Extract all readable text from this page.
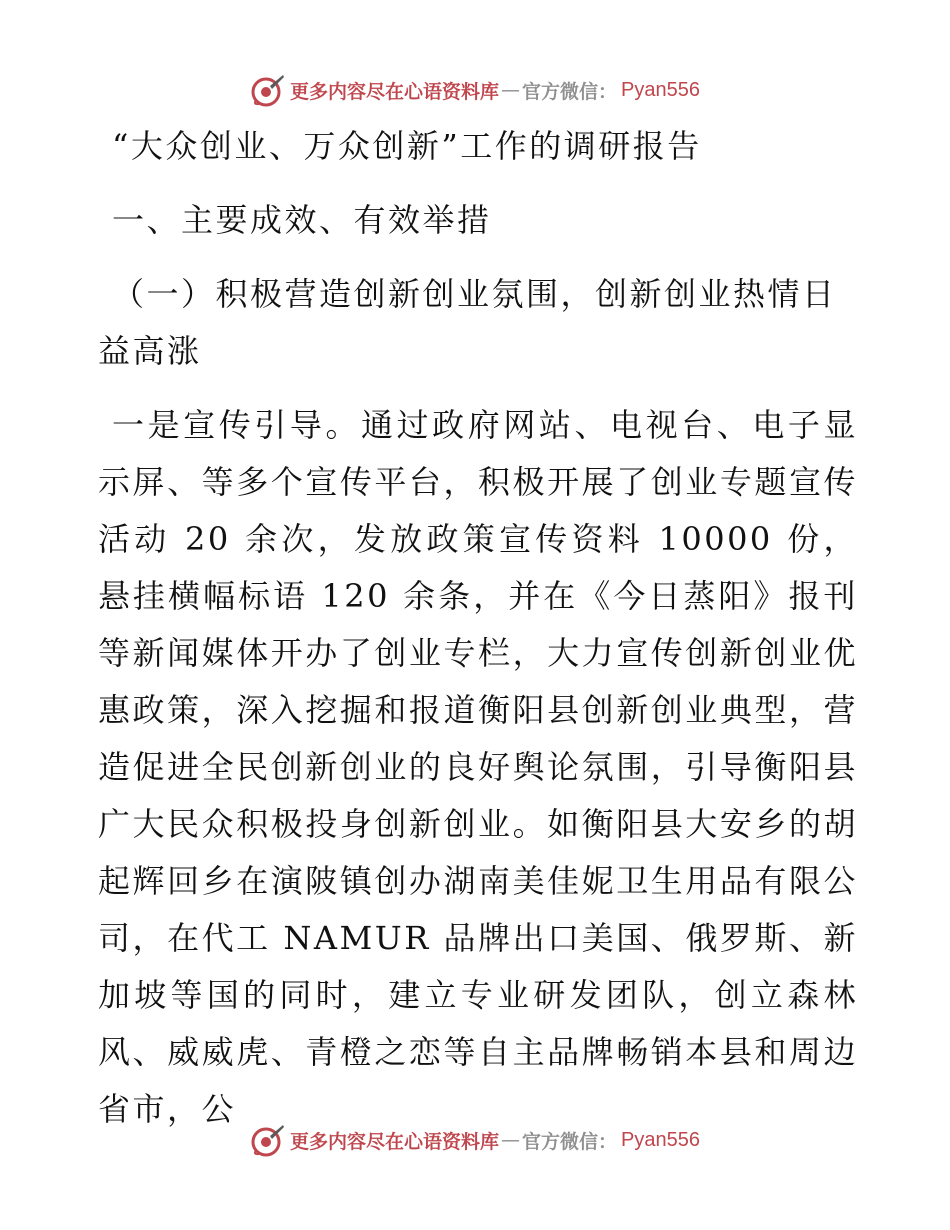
更多内容尽在心语资料库 — 官方微信： Pyan556

“大众创业、万众创新”工作的调研报告

一、主要成效、有效举措

（一）积极营造创新创业氛围，创新创业热情日益高涨

一是宣传引导。通过政府网站、电视台、电子显示屏、等多个宣传平台，积极开展了创业专题宣传活动 20 余次，发放政策宣传资料 10000 份，悬挂横幅标语 120 余条，并在《今日蒸阳》报刊等新闻媒体开办了创业专栏，大力宣传创新创业优惠政策，深入挖掘和报道衡阳县创新创业典型，营造促进全民创新创业的良好舆论氛围，引导衡阳县广大民众积极投身创新创业。如衡阳县大安乡的胡起辉回乡在演陂镇创办湖南美佳妮卫生用品有限公司，在代工 NAMUR 品牌出口美国、俄罗斯、新加坡等国的同时，建立专业研发团队，创立森林风、威威虎、青橙之恋等自主品牌畅销本县和周边省市，公

更多内容尽在心语资料库 — 官方微信： Pyan556
